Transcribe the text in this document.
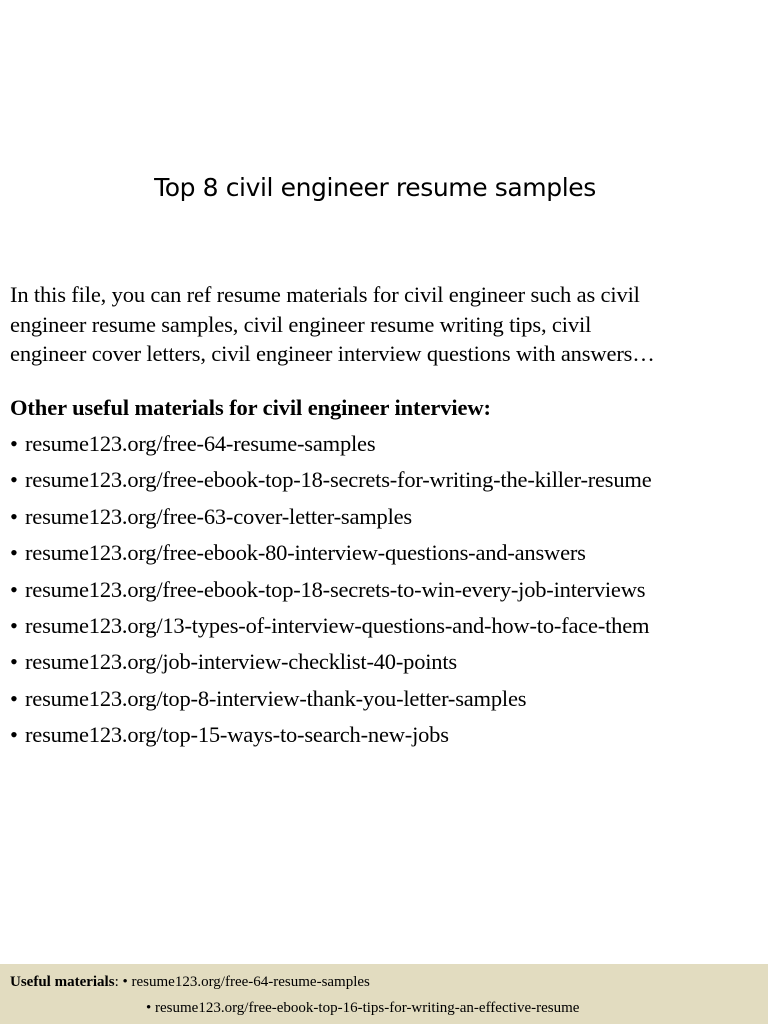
Top 8 civil engineer resume samples
In this file, you can ref resume materials for civil engineer such as civil
engineer resume samples, civil engineer resume writing tips, civil
engineer cover letters, civil engineer interview questions with answers…
Other useful materials for civil engineer interview:
• resume123.org/free-64-resume-samples
• resume123.org/free-ebook-top-18-secrets-for-writing-the-killer-resume
• resume123.org/free-63-cover-letter-samples
• resume123.org/free-ebook-80-interview-questions-and-answers
• resume123.org/free-ebook-top-18-secrets-to-win-every-job-interviews
• resume123.org/13-types-of-interview-questions-and-how-to-face-them
• resume123.org/job-interview-checklist-40-points
• resume123.org/top-8-interview-thank-you-letter-samples
• resume123.org/top-15-ways-to-search-new-jobs
Useful materials: • resume123.org/free-64-resume-samples
• resume123.org/free-ebook-top-16-tips-for-writing-an-effective-resume
